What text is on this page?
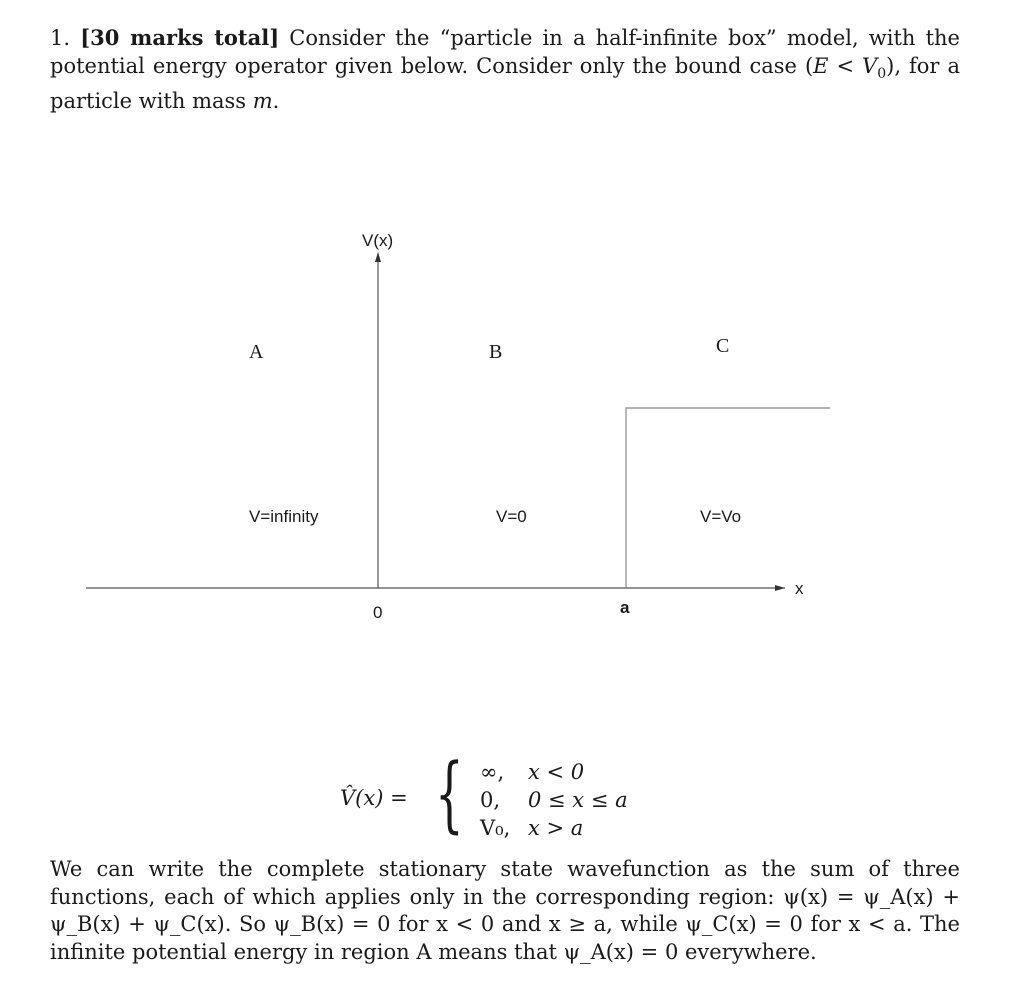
1. [30 marks total] Consider the “particle in a half-infinite box” model, with the potential energy operator given below. Consider only the bound case $(E < V_0)$, for a particle with mass m.

x
V(x)
A	B	C
V=infinity	V=0	V=Vo
0	a
V̂(x) = { ∞, x < 0
0, 0 ≤ x ≤ a
V₀, x > a

We can write the complete stationary state wavefunction as the sum of three functions, each of which applies only in the corresponding region: ψ(x) = ψ_A(x) + ψ_B(x) + ψ_C(x). So ψ_B(x) = 0 for x < 0 and x ≥ a, while ψ_C(x) = 0 for x < a. The infinite potential energy in region A means that ψ_A(x) = 0 everywhere.
